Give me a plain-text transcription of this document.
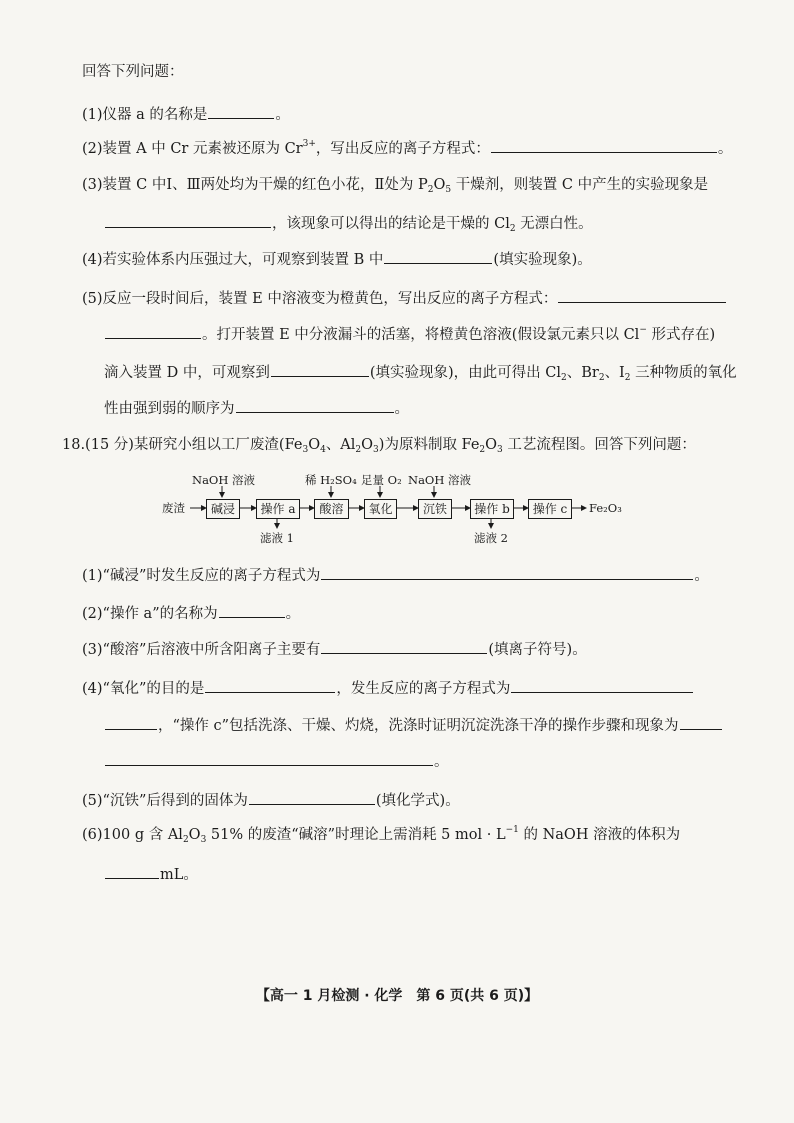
回答下列问题：
(1)仪器 a 的名称是	。
(2)装置 A 中 Cr 元素被还原为 $Cr^{3+}$，写出反应的离子方程式：	。
(3)装置 C 中Ⅰ、Ⅲ两处均为干燥的红色小花，Ⅱ处为 $P_2O_5$ 干燥剂，则装置 C 中产生的实验现象是
，该现象可以得出的结论是干燥的 $Cl_2$ 无漂白性。
(4)若实验体系内压强过大，可观察到装置 B 中	(填实验现象)。
(5)反应一段时间后，装置 E 中溶液变为橙黄色，写出反应的离子方程式：
。打开装置 E 中分液漏斗的活塞，将橙黄色溶液(假设氯元素只以 Cl− 形式存在)
滴入装置 D 中，可观察到	(填实验现象)，由此可得出 $Cl_2$、$Br_2$、$I_2$ 三种物质的氧化
性由强到弱的顺序为	。
18.(15 分)某研究小组以工厂废渣($Fe_3O_4$、$Al_2O_3$)为原料制取 $Fe_2O_3$ 工艺流程图。回答下列问题：
废渣	碱浸	操作 a	酸溶	氧化	沉铁	操作 b	操作 c	Fe₂O₃
NaOH 溶液	稀 H₂SO₄ 足量 O₂ NaOH 溶液
滤液 1	滤液 2
(1)“碱浸”时发生反应的离子方程式为	。
(2)“操作 a”的名称为	。
(3)“酸溶”后溶液中所含阳离子主要有	(填离子符号)。
(4)“氧化”的目的是	，发生反应的离子方程式为
，“操作 c”包括洗涤、干燥、灼烧，洗涤时证明沉淀洗涤干净的操作步骤和现象为
。
(5)“沉铁”后得到的固体为	(填化学式)。
(6)100 g 含 $Al_2O_3$ 51% 的废渣“碱溶”时理论上需消耗 5 mol · $L^{-1}$ 的 NaOH 溶液的体积为
mL。
【高一 1 月检测 · 化学　第 6 页(共 6 页)】
